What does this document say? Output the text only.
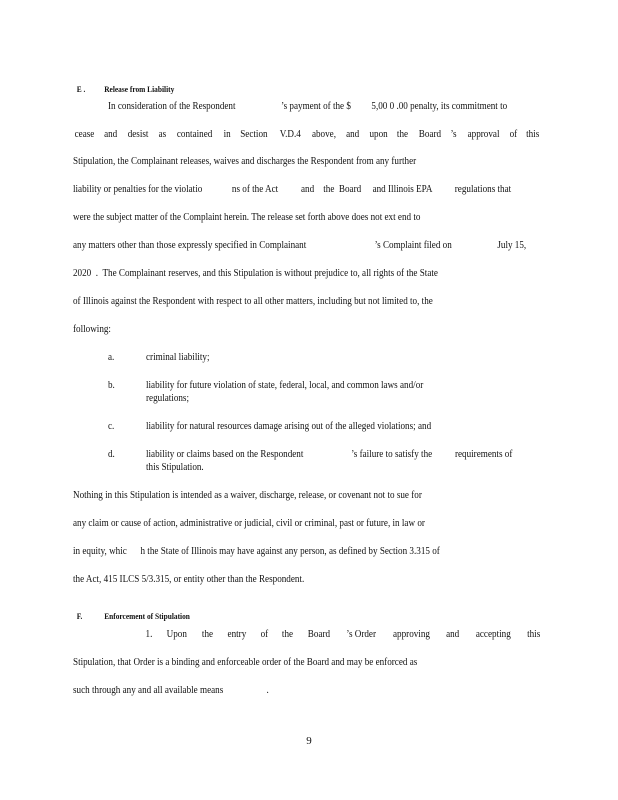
E . Release from Liability

In consideration of the Respondent                    ’s payment of the $         5,00 0 .00 penalty, its commitment to
cease and desist as contained in Section V.D.4 above, and upon the Board ’s approval of this
Stipulation, the Complainant releases, waives and discharges the Respondent from any further
liability or penalties for the violatio             ns of the Act          and    the  Board     and Illinois EPA          regulations that
were the subject matter of the Complaint herein. The release set forth above does not ext end to
any matters other than those expressly specified in Complainant                              ’s Complaint filed on                    July 15,
2020  .  The Complainant reserves, and this Stipulation is without prejudice to, all rights of the State
of Illinois against the Respondent with respect to all other matters, including but not limited to, the
following:
a.	criminal liability;
b.	liability for future violation of state, federal, local, and common laws and/or
regulations;
c.	liability for natural resources damage arising out of the alleged violations; and
d.	liability or claims based on the Respondent                     ’s failure to satisfy the          requirements of
this Stipulation.
Nothing in this Stipulation is intended as a waiver, discharge, release, or covenant not to sue for
any claim or cause of action, administrative or judicial, civil or criminal, past or future, in law or
in equity, whic      h the State of Illinois may have against any person, as defined by Section 3.315 of
the Act, 415 ILCS 5/3.315, or entity other than the Respondent.

F.	Enforcement of Stipulation

1. Upon the entry of the Board ’s Order approving and accepting this
Stipulation, that Order is a binding and enforceable order of the Board and may be enforced as
such through any and all available means                   .
9
